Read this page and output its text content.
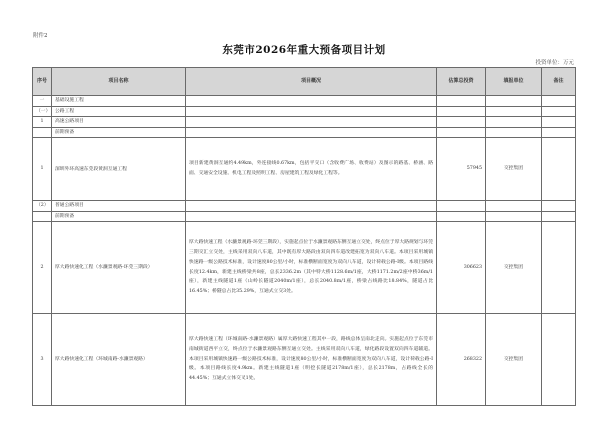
附件2
东莞市2026年重大预备项目计划
投资单位：万元
序号	项目名称	项目概况	估算总投资	填报单位	备注
一	基础设施工程				
（一）	公路工程				
1	高速公路项目				
	前期预备				
1	深圳外环高速东莞段黄洞互通工程	项目新建黄洞互通约4.49km，外连接线0.67km，包括平交口（含收费广场、收费站）及图示的路基、桥涵、路面、交通安全设施、机电工程及照明工程、房屋建筑工程及绿化工程等。	57945	交控集团	
（2）	普通公路项目				
	前期预备				
2	厚大路快速化工程（水濂景观路-环莞三期段）	厚大路快速工程（水濂景观路-环莞三期段），实施起点位于水濂景观路东侧互通立交处，终点位于厚大路规划与环莞三期交汇立交处，主线采用双向八车道，其中既有厚大路段由双向四车道改建拓宽为双向八车道。本项目采用城镇快速路一级公路技术标准，设计速度80公里/小时，标准横断面宽度为双向八车道，设计荷载公路-I级。本项目路线长度12.4km，新建主线桥梁共8座，总长2336.2m（其中特大桥1128.6m/1座，大桥1171.2m/2座中桥36m/1座），新建主线隧道1座（山岭长隧道2040m/1座），总长2040.8m/1座，桥梁占线路比18.84%，隧道占比16.45%；桥隧总占比35.29%，互通式立交3处。	306623	交控集团	
3	厚大路快速化工程（环城南路-水濂景观路）	厚大路快速工程（环城南路-水濂景观路）属厚大路快速工程其中一段，路线总体呈南北走向。实施起点位于东莞市南城街道西平立交，终点位于水濂景观路东侧互通立交处。主线采用双向八车道，绿化路段设置双向四车道辅道。本项目采用城镇快速路一级公路技术标准，设计速度80公里/小时，标准横断面宽度为双向八车道，设计荷载公路-I级。本项目路线长度4.9km。新建主线隧道1座（明挖长隧道2178m/1座），总长2178m，占路线全长的44.45%；互通式立体交叉1处。	268322	交控集团	
